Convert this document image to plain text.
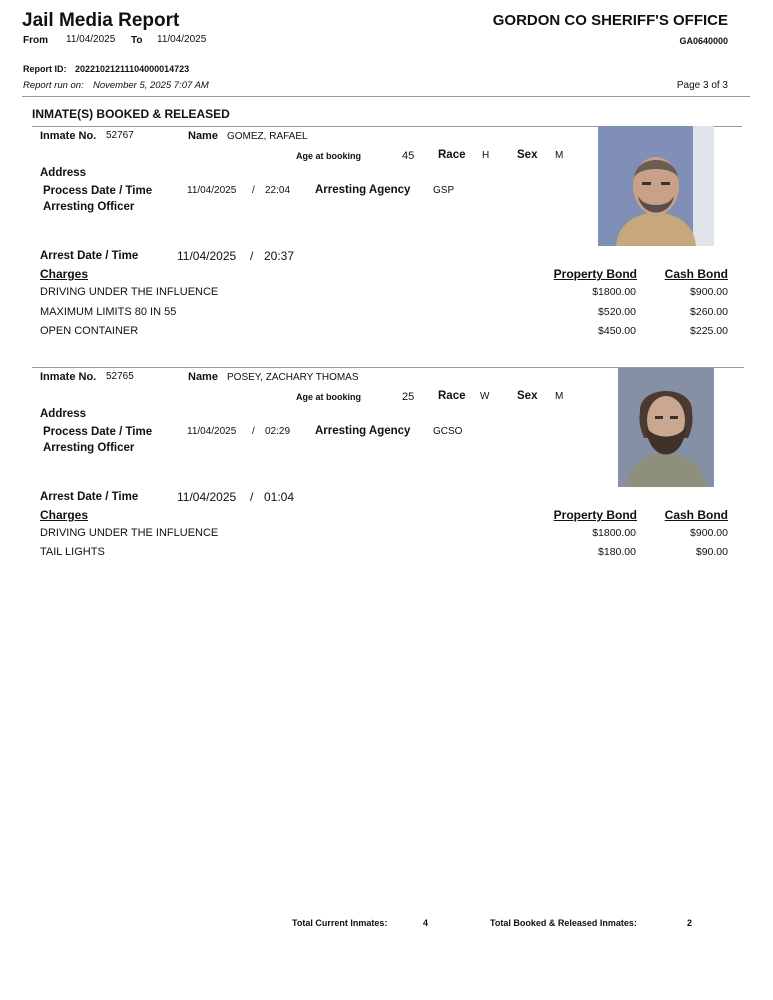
Jail Media Report	GORDON CO SHERIFF'S OFFICE
From 11/04/2025 To 11/04/2025	GA0640000
Report ID: 20221021211104000014723
Report run on: November 5, 2025 7:07 AM	Page 3 of 3
INMATE(S) BOOKED & RELEASED
Inmate No. 52767	Name GOMEZ, RAFAEL
Age at booking	45 Race H Sex M
Address
Process Date / Time	11/04/2025 / 22:04 Arresting Agency GSP
Arresting Officer
Arrest Date / Time	11/04/2025 / 20:37
Charges	Property Bond Cash Bond
DRIVING UNDER THE INFLUENCE	$1800.00	$900.00
MAXIMUM LIMITS 80 IN 55	$520.00	$260.00
OPEN CONTAINER	$450.00	$225.00
Inmate No. 52765	Name POSEY, ZACHARY THOMAS
Age at booking	25 Race W Sex M
Address
Process Date / Time	11/04/2025 / 02:29 Arresting Agency GCSO
Arresting Officer
Arrest Date / Time	11/04/2025 / 01:04
Charges	Property Bond Cash Bond
DRIVING UNDER THE INFLUENCE	$1800.00	$900.00
TAIL LIGHTS	$180.00	$90.00
Total Current Inmates:	4	Total Booked & Released Inmates:	2
